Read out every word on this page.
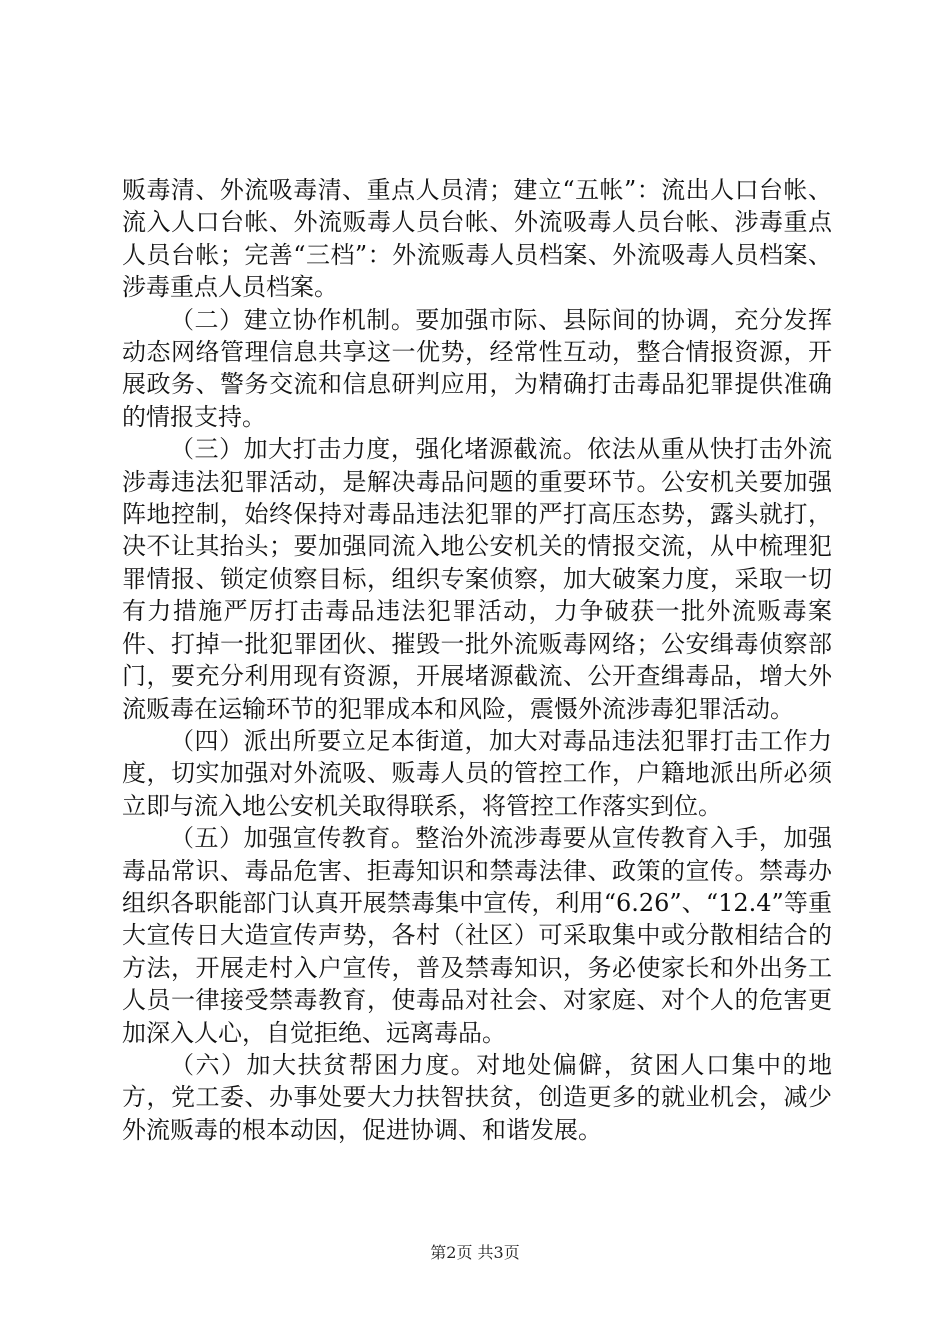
贩毒清、外流吸毒清、重点人员清；建立“五帐”：流出人口台帐、流入人口台帐、外流贩毒人员台帐、外流吸毒人员台帐、涉毒重点人员台帐；完善“三档”：外流贩毒人员档案、外流吸毒人员档案、涉毒重点人员档案。

（二）建立协作机制。要加强市际、县际间的协调，充分发挥动态网络管理信息共享这一优势，经常性互动，整合情报资源，开展政务、警务交流和信息研判应用，为精确打击毒品犯罪提供准确的情报支持。

（三）加大打击力度，强化堵源截流。依法从重从快打击外流涉毒违法犯罪活动，是解决毒品问题的重要环节。公安机关要加强阵地控制，始终保持对毒品违法犯罪的严打高压态势，露头就打，决不让其抬头；要加强同流入地公安机关的情报交流，从中梳理犯罪情报、锁定侦察目标，组织专案侦察，加大破案力度，采取一切有力措施严厉打击毒品违法犯罪活动，力争破获一批外流贩毒案件、打掉一批犯罪团伙、摧毁一批外流贩毒网络；公安缉毒侦察部门，要充分利用现有资源，开展堵源截流、公开查缉毒品，增大外流贩毒在运输环节的犯罪成本和风险，震慑外流涉毒犯罪活动。

（四）派出所要立足本街道，加大对毒品违法犯罪打击工作力度，切实加强对外流吸、贩毒人员的管控工作，户籍地派出所必须立即与流入地公安机关取得联系，将管控工作落实到位。

（五）加强宣传教育。整治外流涉毒要从宣传教育入手，加强毒品常识、毒品危害、拒毒知识和禁毒法律、政策的宣传。禁毒办组织各职能部门认真开展禁毒集中宣传，利用“6.26”、“12.4”等重大宣传日大造宣传声势，各村（社区）可采取集中或分散相结合的方法，开展走村入户宣传，普及禁毒知识，务必使家长和外出务工人员一律接受禁毒教育，使毒品对社会、对家庭、对个人的危害更加深入人心，自觉拒绝、远离毒品。

（六）加大扶贫帮困力度。对地处偏僻，贫困人口集中的地方，党工委、办事处要大力扶智扶贫，创造更多的就业机会，减少外流贩毒的根本动因，促进协调、和谐发展。

第2页 共3页
